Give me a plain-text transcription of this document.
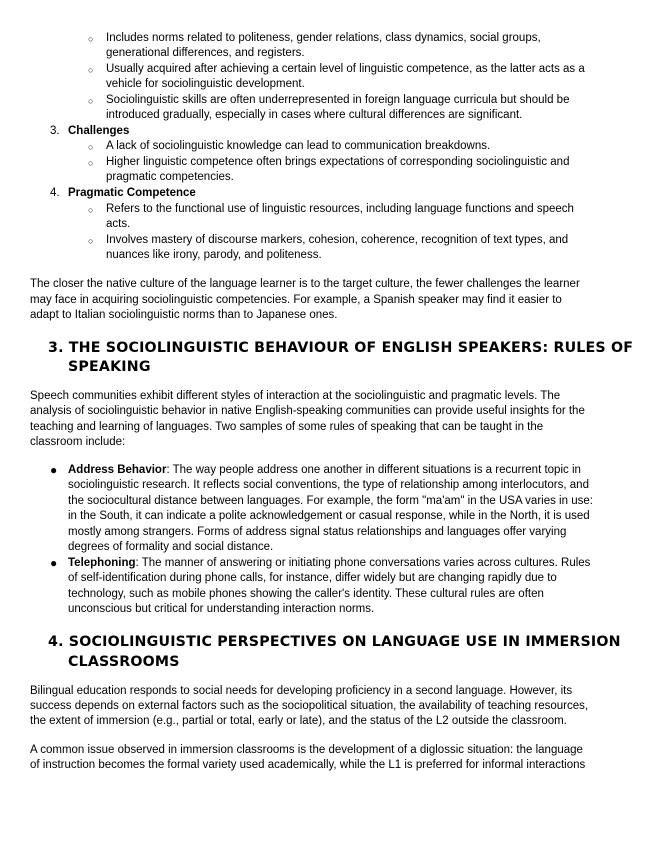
○ Includes norms related to politeness, gender relations, class dynamics, social groups,
generational differences, and registers.
○ Usually acquired after achieving a certain level of linguistic competence, as the latter acts as a
vehicle for sociolinguistic development.
○ Sociolinguistic skills are often underrepresented in foreign language curricula but should be
introduced gradually, especially in cases where cultural differences are significant.
3. Challenges
○ A lack of sociolinguistic knowledge can lead to communication breakdowns.
○ Higher linguistic competence often brings expectations of corresponding sociolinguistic and
pragmatic competencies.
4. Pragmatic Competence
○ Refers to the functional use of linguistic resources, including language functions and speech
acts.
○ Involves mastery of discourse markers, cohesion, coherence, recognition of text types, and
nuances like irony, parody, and politeness.
The closer the native culture of the language learner is to the target culture, the fewer challenges the learner
may face in acquiring sociolinguistic competencies. For example, a Spanish speaker may find it easier to
adapt to Italian sociolinguistic norms than to Japanese ones.
3. THE SOCIOLINGUISTIC BEHAVIOUR OF ENGLISH SPEAKERS: RULES OF
SPEAKING
Speech communities exhibit different styles of interaction at the sociolinguistic and pragmatic levels. The
analysis of sociolinguistic behavior in native English-speaking communities can provide useful insights for the
teaching and learning of languages. Two samples of some rules of speaking that can be taught in the
classroom include:
● Address Behavior: The way people address one another in different situations is a recurrent topic in
sociolinguistic research. It reflects social conventions, the type of relationship among interlocutors, and
the sociocultural distance between languages. For example, the form "ma'am" in the USA varies in use:
in the South, it can indicate a polite acknowledgement or casual response, while in the North, it is used
mostly among strangers. Forms of address signal status relationships and languages offer varying
degrees of formality and social distance.
● Telephoning: The manner of answering or initiating phone conversations varies across cultures. Rules
of self-identification during phone calls, for instance, differ widely but are changing rapidly due to
technology, such as mobile phones showing the caller's identity. These cultural rules are often
unconscious but critical for understanding interaction norms.
4. SOCIOLINGUISTIC PERSPECTIVES ON LANGUAGE USE IN IMMERSION
CLASSROOMS
Bilingual education responds to social needs for developing proficiency in a second language. However, its
success depends on external factors such as the sociopolitical situation, the availability of teaching resources,
the extent of immersion (e.g., partial or total, early or late), and the status of the L2 outside the classroom.
A common issue observed in immersion classrooms is the development of a diglossic situation: the language
of instruction becomes the formal variety used academically, while the L1 is preferred for informal interactions
